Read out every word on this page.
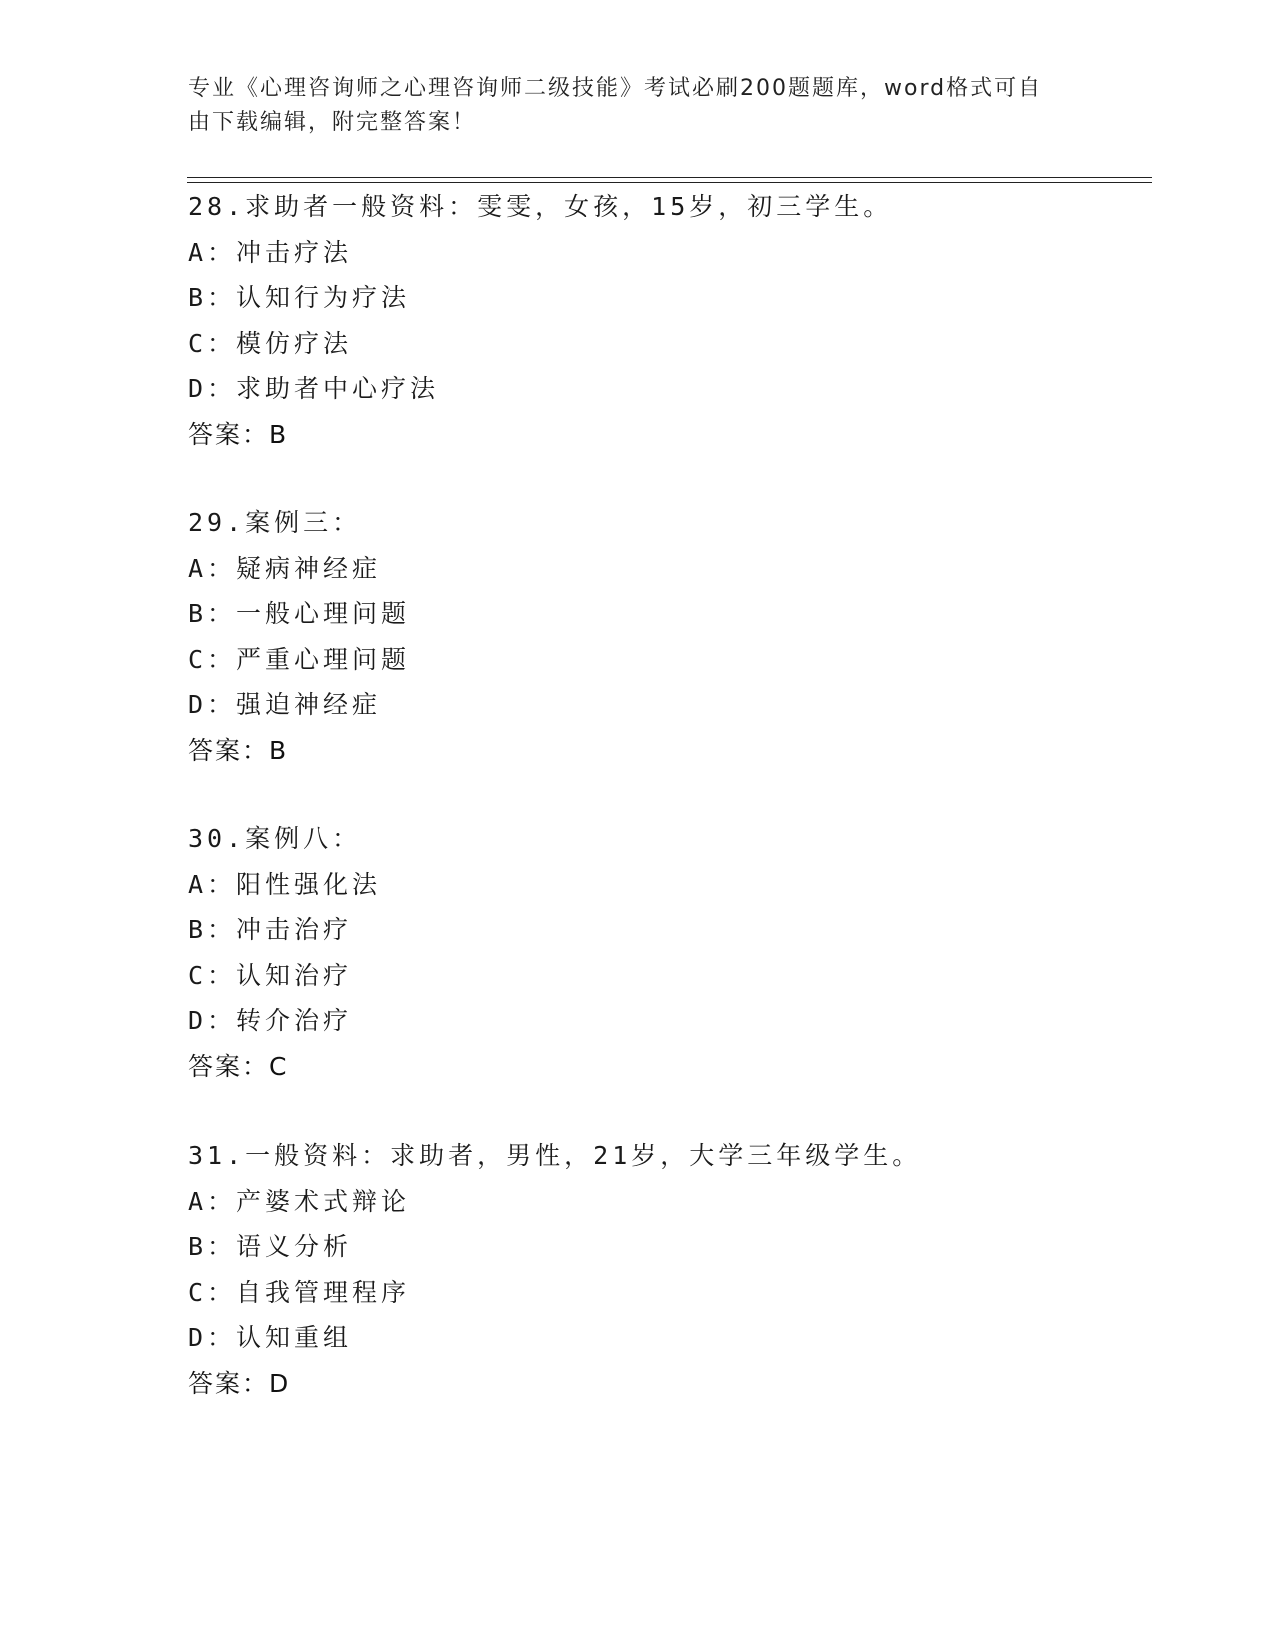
专业《心理咨询师之心理咨询师二级技能》考试必刷200题题库，word格式可自
由下载编辑，附完整答案！
28.求助者一般资料：雯雯，女孩，15岁，初三学生。
A：冲击疗法
B：认知行为疗法
C：模仿疗法
D：求助者中心疗法
答案：B
29.案例三：
A：疑病神经症
B：一般心理问题
C：严重心理问题
D：强迫神经症
答案：B
30.案例八：
A：阳性强化法
B：冲击治疗
C：认知治疗
D：转介治疗
答案：C
31.一般资料：求助者，男性，21岁，大学三年级学生。
A：产婆术式辩论
B：语义分析
C：自我管理程序
D：认知重组
答案：D
